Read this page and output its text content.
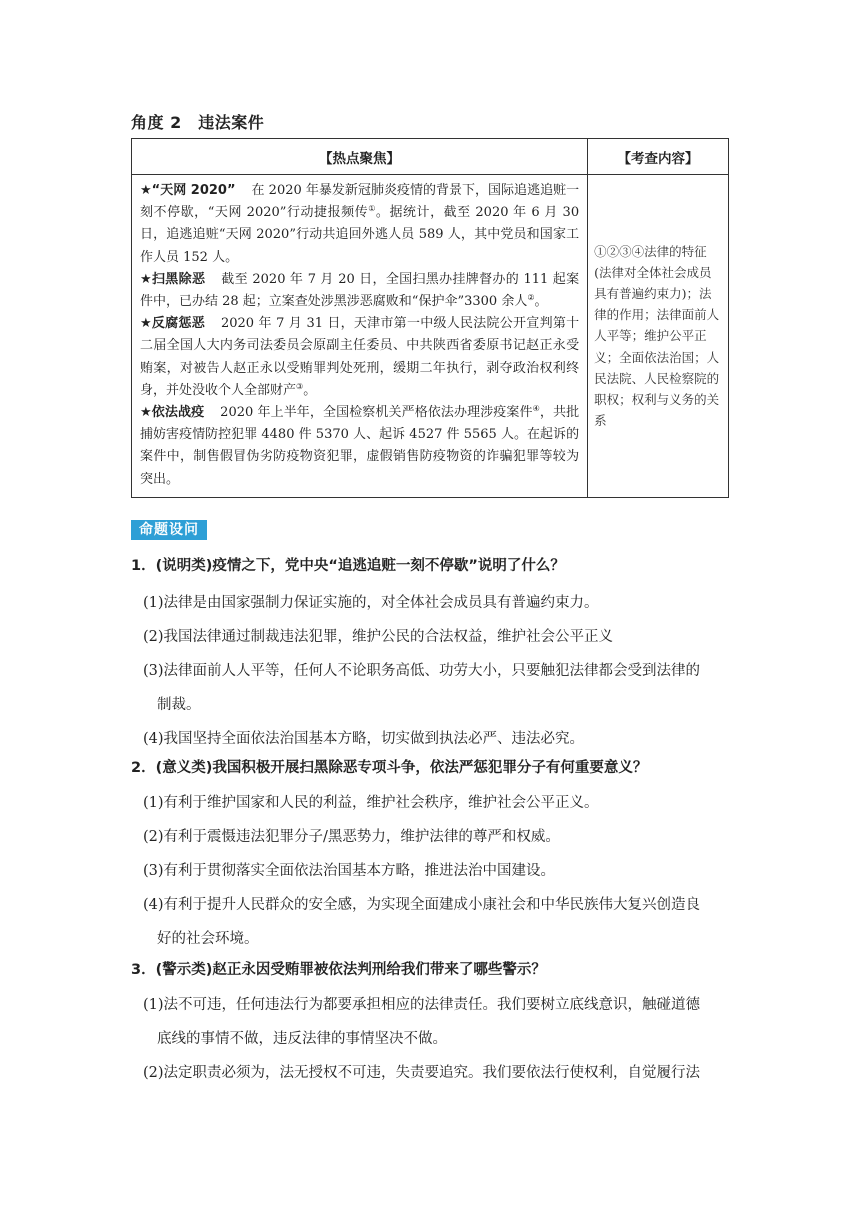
角度 2　违法案件
【热点聚焦】	【考查内容】

★“天网 2020” 在 2020 年暴发新冠肺炎疫情的背景下，国际追逃追赃一刻不停歇，“天网 2020”行动捷报频传①。据统计，截至 2020 年 6 月 30 日，追逃追赃“天网 2020”行动共追回外逃人员 589 人，其中党员和国家工作人员 152 人。
★扫黑除恶 截至 2020 年 7 月 20 日，全国扫黑办挂牌督办的 111 起案件中，已办结 28 起；立案查处涉黑涉恶腐败和“保护伞”3300 余人②。
★反腐惩恶 2020 年 7 月 31 日，天津市第一中级人民法院公开宣判第十二届全国人大内务司法委员会原副主任委员、中共陕西省委原书记赵正永受贿案，对被告人赵正永以受贿罪判处死刑，缓期二年执行，剥夺政治权利终身，并处没收个人全部财产③。
★依法战疫 2020 年上半年，全国检察机关严格依法办理涉疫案件④，共批捕妨害疫情防控犯罪 4480 件 5370 人、起诉 4527 件 5565 人。在起诉的案件中，制售假冒伪劣防疫物资犯罪，虚假销售防疫物资的诈骗犯罪等较为突出。	①②③④法律的特征(法律对全体社会成员具有普遍约束力)；法律的作用；法律面前人人平等；维护公平正义；全面依法治国；人民法院、人民检察院的职权；权利与义务的关系
命题设问
1．(说明类)疫情之下，党中央“追逃追赃一刻不停歇”说明了什么？
(1)法律是由国家强制力保证实施的，对全体社会成员具有普遍约束力。
(2)我国法律通过制裁违法犯罪，维护公民的合法权益，维护社会公平正义
(3)法律面前人人平等，任何人不论职务高低、功劳大小，只要触犯法律都会受到法律的
制裁。
(4)我国坚持全面依法治国基本方略，切实做到执法必严、违法必究。
2．(意义类)我国积极开展扫黑除恶专项斗争，依法严惩犯罪分子有何重要意义？
(1)有利于维护国家和人民的利益，维护社会秩序，维护社会公平正义。
(2)有利于震慑违法犯罪分子/黑恶势力，维护法律的尊严和权威。
(3)有利于贯彻落实全面依法治国基本方略，推进法治中国建设。
(4)有利于提升人民群众的安全感，为实现全面建成小康社会和中华民族伟大复兴创造良
好的社会环境。
3．(警示类)赵正永因受贿罪被依法判刑给我们带来了哪些警示？
(1)法不可违，任何违法行为都要承担相应的法律责任。我们要树立底线意识，触碰道德
底线的事情不做，违反法律的事情坚决不做。
(2)法定职责必须为，法无授权不可违，失责要追究。我们要依法行使权利，自觉履行法
